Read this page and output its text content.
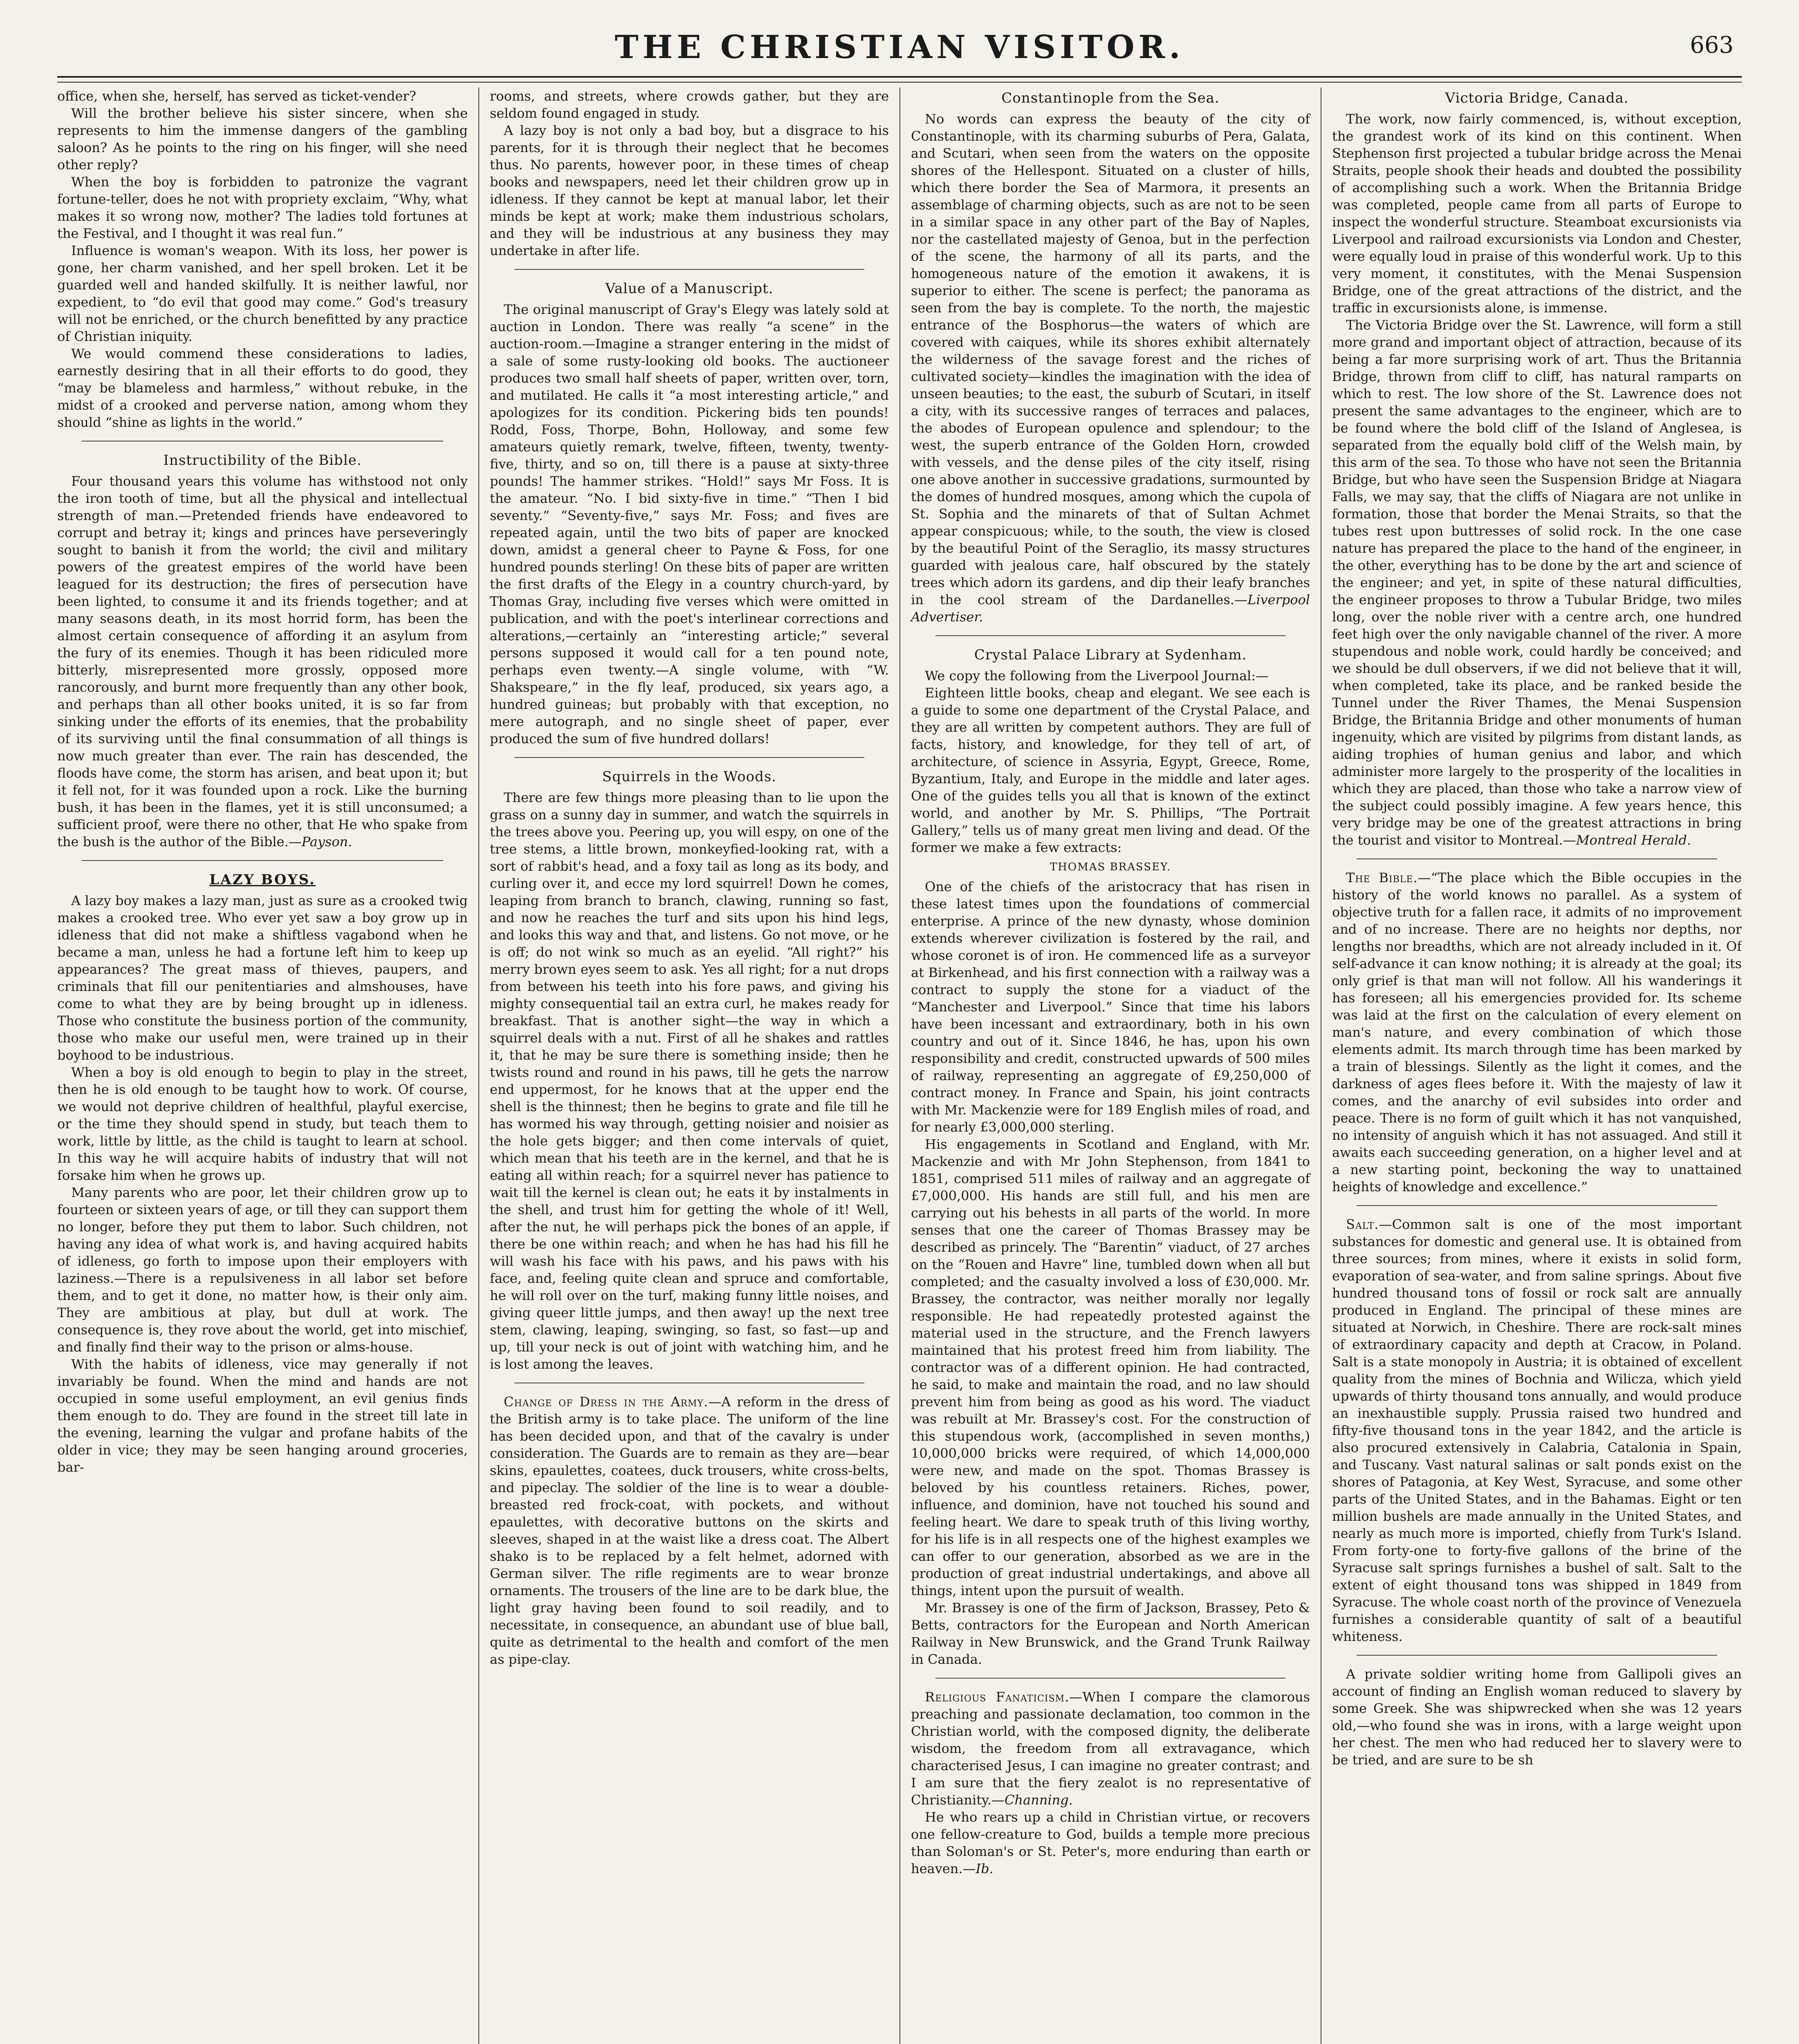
THE CHRISTIAN VISITOR.	663

office, when she, herself, has served as ticket-vender?

Will the brother believe his sister sincere, when she represents to him the immense dangers of the gambling saloon? As he points to the ring on his finger, will she need other reply?

When the boy is forbidden to patronize the vagrant fortune-teller, does he not with propriety exclaim, “Why, what makes it so wrong now, mother? The ladies told fortunes at the Festival, and I thought it was real fun.”

Influence is woman's weapon. With its loss, her power is gone, her charm vanished, and her spell broken. Let it be guarded well and handed skilfully. It is neither lawful, nor expedient, to “do evil that good may come.” God's treasury will not be enriched, or the church benefitted by any practice of Christian iniquity.

We would commend these considerations to ladies, earnestly desiring that in all their efforts to do good, they “may be blameless and harmless,” without rebuke, in the midst of a crooked and perverse nation, among whom they should “shine as lights in the world.”

Instructibility of the Bible.

Four thousand years this volume has withstood not only the iron tooth of time, but all the physical and intellectual strength of man.—Pretended friends have endeavored to corrupt and betray it; kings and princes have perseveringly sought to banish it from the world; the civil and military powers of the greatest empires of the world have been leagued for its destruction; the fires of persecution have been lighted, to consume it and its friends together; and at many seasons death, in its most horrid form, has been the almost certain consequence of affording it an asylum from the fury of its enemies. Though it has been ridiculed more bitterly, misrepresented more grossly, opposed more rancorously, and burnt more frequently than any other book, and perhaps than all other books united, it is so far from sinking under the efforts of its enemies, that the probability of its surviving until the final consummation of all things is now much greater than ever. The rain has descended, the floods have come, the storm has arisen, and beat upon it; but it fell not, for it was founded upon a rock. Like the burning bush, it has been in the flames, yet it is still unconsumed; a sufficient proof, were there no other, that He who spake from the bush is the author of the Bible.—Payson.

LAZY BOYS.

A lazy boy makes a lazy man, just as sure as a crooked twig makes a crooked tree. Who ever yet saw a boy grow up in idleness that did not make a shiftless vagabond when he became a man, unless he had a fortune left him to keep up appearances? The great mass of thieves, paupers, and criminals that fill our penitentiaries and almshouses, have come to what they are by being brought up in idleness. Those who constitute the business portion of the community, those who make our useful men, were trained up in their boyhood to be industrious.

When a boy is old enough to begin to play in the street, then he is old enough to be taught how to work. Of course, we would not deprive children of healthful, playful exercise, or the time they should spend in study, but teach them to work, little by little, as the child is taught to learn at school. In this way he will acquire habits of industry that will not forsake him when he grows up.

Many parents who are poor, let their children grow up to fourteen or sixteen years of age, or till they can support them no longer, before they put them to labor. Such children, not having any idea of what work is, and having acquired habits of idleness, go forth to impose upon their employers with laziness.—There is a repulsiveness in all labor set before them, and to get it done, no matter how, is their only aim. They are ambitious at play, but dull at work. The consequence is, they rove about the world, get into mischief, and finally find their way to the prison or alms-house.

With the habits of idleness, vice may generally if not invariably be found. When the mind and hands are not occupied in some useful employment, an evil genius finds them enough to do. They are found in the street till late in the evening, learning the vulgar and profane habits of the older in vice; they may be seen hanging around groceries, bar-

rooms, and streets, where crowds gather, but they are seldom found engaged in study.

A lazy boy is not only a bad boy, but a disgrace to his parents, for it is through their neglect that he becomes thus. No parents, however poor, in these times of cheap books and newspapers, need let their children grow up in idleness. If they cannot be kept at manual labor, let their minds be kept at work; make them industrious scholars, and they will be industrious at any business they may undertake in after life.

Value of a Manuscript.

The original manuscript of Gray's Elegy was lately sold at auction in London. There was really “a scene” in the auction-room.—Imagine a stranger entering in the midst of a sale of some rusty-looking old books. The auctioneer produces two small half sheets of paper, written over, torn, and mutilated. He calls it “a most interesting article,” and apologizes for its condition. Pickering bids ten pounds! Rodd, Foss, Thorpe, Bohn, Holloway, and some few amateurs quietly remark, twelve, fifteen, twenty, twenty-five, thirty, and so on, till there is a pause at sixty-three pounds! The hammer strikes. “Hold!” says Mr Foss. It is the amateur. “No. I bid sixty-five in time.” “Then I bid seventy.” “Seventy-five,” says Mr. Foss; and fives are repeated again, until the two bits of paper are knocked down, amidst a general cheer to Payne & Foss, for one hundred pounds sterling! On these bits of paper are written the first drafts of the Elegy in a country church-yard, by Thomas Gray, including five verses which were omitted in publication, and with the poet's interlinear corrections and alterations,—certainly an “interesting article;” several persons supposed it would call for a ten pound note, perhaps even twenty.—A single volume, with “W. Shakspeare,” in the fly leaf, produced, six years ago, a hundred guineas; but probably with that exception, no mere autograph, and no single sheet of paper, ever produced the sum of five hundred dollars!

Squirrels in the Woods.

There are few things more pleasing than to lie upon the grass on a sunny day in summer, and watch the squirrels in the trees above you. Peering up, you will espy, on one of the tree stems, a little brown, monkeyfied-looking rat, with a sort of rabbit's head, and a foxy tail as long as its body, and curling over it, and ecce my lord squirrel! Down he comes, leaping from branch to branch, clawing, running so fast, and now he reaches the turf and sits upon his hind legs, and looks this way and that, and listens. Go not move, or he is off; do not wink so much as an eyelid. “All right?” his merry brown eyes seem to ask. Yes all right; for a nut drops from between his teeth into his fore paws, and giving his mighty consequential tail an extra curl, he makes ready for breakfast. That is another sight—the way in which a squirrel deals with a nut. First of all he shakes and rattles it, that he may be sure there is something inside; then he twists round and round in his paws, till he gets the narrow end uppermost, for he knows that at the upper end the shell is the thinnest; then he begins to grate and file till he has wormed his way through, getting noisier and noisier as the hole gets bigger; and then come intervals of quiet, which mean that his teeth are in the kernel, and that he is eating all within reach; for a squirrel never has patience to wait till the kernel is clean out; he eats it by instalments in the shell, and trust him for getting the whole of it! Well, after the nut, he will perhaps pick the bones of an apple, if there be one within reach; and when he has had his fill he will wash his face with his paws, and his paws with his face, and, feeling quite clean and spruce and comfortable, he will roll over on the turf, making funny little noises, and giving queer little jumps, and then away! up the next tree stem, clawing, leaping, swinging, so fast, so fast—up and up, till your neck is out of joint with watching him, and he is lost among the leaves.

Change of Dress in the Army.—A reform in the dress of the British army is to take place. The uniform of the line has been decided upon, and that of the cavalry is under consideration. The Guards are to remain as they are—bear skins, epaulettes, coatees, duck trousers, white cross-belts, and pipeclay. The soldier of the line is to wear a double-breasted red frock-coat, with pockets, and without epaulettes, with decorative buttons on the skirts and sleeves, shaped in at the waist like a dress coat. The Albert shako is to be replaced by a felt helmet, adorned with German silver. The rifle regiments are to wear bronze ornaments. The trousers of the line are to be dark blue, the light gray having been found to soil readily, and to necessitate, in consequence, an abundant use of blue ball, quite as detrimental to the health and comfort of the men as pipe-clay.

Constantinople from the Sea.

No words can express the beauty of the city of Constantinople, with its charming suburbs of Pera, Galata, and Scutari, when seen from the waters on the opposite shores of the Hellespont. Situated on a cluster of hills, which there border the Sea of Marmora, it presents an assemblage of charming objects, such as are not to be seen in a similar space in any other part of the Bay of Naples, nor the castellated majesty of Genoa, but in the perfection of the scene, the harmony of all its parts, and the homogeneous nature of the emotion it awakens, it is superior to either. The scene is perfect; the panorama as seen from the bay is complete. To the north, the majestic entrance of the Bosphorus—the waters of which are covered with caiques, while its shores exhibit alternately the wilderness of the savage forest and the riches of cultivated society—kindles the imagination with the idea of unseen beauties; to the east, the suburb of Scutari, in itself a city, with its successive ranges of terraces and palaces, the abodes of European opulence and splendour; to the west, the superb entrance of the Golden Horn, crowded with vessels, and the dense piles of the city itself, rising one above another in successive gradations, surmounted by the domes of hundred mosques, among which the cupola of St. Sophia and the minarets of that of Sultan Achmet appear conspicuous; while, to the south, the view is closed by the beautiful Point of the Seraglio, its massy structures guarded with jealous care, half obscured by the stately trees which adorn its gardens, and dip their leafy branches in the cool stream of the Dardanelles.—Liverpool Advertiser.

Crystal Palace Library at Sydenham.

We copy the following from the Liverpool Journal:—

Eighteen little books, cheap and elegant. We see each is a guide to some one department of the Crystal Palace, and they are all written by competent authors. They are full of facts, history, and knowledge, for they tell of art, of architecture, of science in Assyria, Egypt, Greece, Rome, Byzantium, Italy, and Europe in the middle and later ages. One of the guides tells you all that is known of the extinct world, and another by Mr. S. Phillips, “The Portrait Gallery,” tells us of many great men living and dead. Of the former we make a few extracts:

THOMAS BRASSEY.

One of the chiefs of the aristocracy that has risen in these latest times upon the foundations of commercial enterprise. A prince of the new dynasty, whose dominion extends wherever civilization is fostered by the rail, and whose coronet is of iron. He commenced life as a surveyor at Birkenhead, and his first connection with a railway was a contract to supply the stone for a viaduct of the “Manchester and Liverpool.” Since that time his labors have been incessant and extraordinary, both in his own country and out of it. Since 1846, he has, upon his own responsibility and credit, constructed upwards of 500 miles of railway, representing an aggregate of £9,250,000 of contract money. In France and Spain, his joint contracts with Mr. Mackenzie were for 189 English miles of road, and for nearly £3,000,000 sterling.

His engagements in Scotland and England, with Mr. Mackenzie and with Mr John Stephenson, from 1841 to 1851, comprised 511 miles of railway and an aggregate of £7,000,000. His hands are still full, and his men are carrying out his behests in all parts of the world. In more senses that one the career of Thomas Brassey may be described as princely. The “Barentin” viaduct, of 27 arches on the “Rouen and Havre” line, tumbled down when all but completed; and the casualty involved a loss of £30,000. Mr. Brassey, the contractor, was neither morally nor legally responsible. He had repeatedly protested against the material used in the structure, and the French lawyers maintained that his protest freed him from liability. The contractor was of a different opinion. He had contracted, he said, to make and maintain the road, and no law should prevent him from being as good as his word. The viaduct was rebuilt at Mr. Brassey's cost. For the construction of this stupendous work, (accomplished in seven months,) 10,000,000 bricks were required, of which 14,000,000 were new, and made on the spot. Thomas Brassey is beloved by his countless retainers. Riches, power, influence, and dominion, have not touched his sound and feeling heart. We dare to speak truth of this living worthy, for his life is in all respects one of the highest examples we can offer to our generation, absorbed as we are in the production of great industrial undertakings, and above all things, intent upon the pursuit of wealth.

Mr. Brassey is one of the firm of Jackson, Brassey, Peto & Betts, contractors for the European and North American Railway in New Brunswick, and the Grand Trunk Railway in Canada.

Religious Fanaticism.—When I compare the clamorous preaching and passionate declamation, too common in the Christian world, with the composed dignity, the deliberate wisdom, the freedom from all extravagance, which characterised Jesus, I can imagine no greater contrast; and I am sure that the fiery zealot is no representative of Christianity.—Channing.

He who rears up a child in Christian virtue, or recovers one fellow-creature to God, builds a temple more precious than Soloman's or St. Peter's, more enduring than earth or heaven.—Ib.

Victoria Bridge, Canada.

The work, now fairly commenced, is, without exception, the grandest work of its kind on this continent. When Stephenson first projected a tubular bridge across the Menai Straits, people shook their heads and doubted the possibility of accomplishing such a work. When the Britannia Bridge was completed, people came from all parts of Europe to inspect the wonderful structure. Steamboat excursionists via Liverpool and railroad excursionists via London and Chester, were equally loud in praise of this wonderful work. Up to this very moment, it constitutes, with the Menai Suspension Bridge, one of the great attractions of the district, and the traffic in excursionists alone, is immense.

The Victoria Bridge over the St. Lawrence, will form a still more grand and important object of attraction, because of its being a far more surprising work of art. Thus the Britannia Bridge, thrown from cliff to cliff, has natural ramparts on which to rest. The low shore of the St. Lawrence does not present the same advantages to the engineer, which are to be found where the bold cliff of the Island of Anglesea, is separated from the equally bold cliff of the Welsh main, by this arm of the sea. To those who have not seen the Britannia Bridge, but who have seen the Suspension Bridge at Niagara Falls, we may say, that the cliffs of Niagara are not unlike in formation, those that border the Menai Straits, so that the tubes rest upon buttresses of solid rock. In the one case nature has prepared the place to the hand of the engineer, in the other, everything has to be done by the art and science of the engineer; and yet, in spite of these natural difficulties, the engineer proposes to throw a Tubular Bridge, two miles long, over the noble river with a centre arch, one hundred feet high over the only navigable channel of the river. A more stupendous and noble work, could hardly be conceived; and we should be dull observers, if we did not believe that it will, when completed, take its place, and be ranked beside the Tunnel under the River Thames, the Menai Suspension Bridge, the Britannia Bridge and other monuments of human ingenuity, which are visited by pilgrims from distant lands, as aiding trophies of human genius and labor, and which administer more largely to the prosperity of the localities in which they are placed, than those who take a narrow view of the subject could possibly imagine. A few years hence, this very bridge may be one of the greatest attractions in bring the tourist and visitor to Montreal.—Montreal Herald.

The Bible.—“The place which the Bible occupies in the history of the world knows no parallel. As a system of objective truth for a fallen race, it admits of no improvement and of no increase. There are no heights nor depths, nor lengths nor breadths, which are not already included in it. Of self-advance it can know nothing; it is already at the goal; its only grief is that man will not follow. All his wanderings it has foreseen; all his emergencies provided for. Its scheme was laid at the first on the calculation of every element on man's nature, and every combination of which those elements admit. Its march through time has been marked by a train of blessings. Silently as the light it comes, and the darkness of ages flees before it. With the majesty of law it comes, and the anarchy of evil subsides into order and peace. There is no form of guilt which it has not vanquished, no intensity of anguish which it has not assuaged. And still it awaits each succeeding generation, on a higher level and at a new starting point, beckoning the way to unattained heights of knowledge and excellence.”

Salt.—Common salt is one of the most important substances for domestic and general use. It is obtained from three sources; from mines, where it exists in solid form, evaporation of sea-water, and from saline springs. About five hundred thousand tons of fossil or rock salt are annually produced in England. The principal of these mines are situated at Norwich, in Cheshire. There are rock-salt mines of extraordinary capacity and depth at Cracow, in Poland. Salt is a state monopoly in Austria; it is obtained of excellent quality from the mines of Bochnia and Wilicza, which yield upwards of thirty thousand tons annually, and would produce an inexhaustible supply. Prussia raised two hundred and fifty-five thousand tons in the year 1842, and the article is also procured extensively in Calabria, Catalonia in Spain, and Tuscany. Vast natural salinas or salt ponds exist on the shores of Patagonia, at Key West, Syracuse, and some other parts of the United States, and in the Bahamas. Eight or ten million bushels are made annually in the United States, and nearly as much more is imported, chiefly from Turk's Island. From forty-one to forty-five gallons of the brine of the Syracuse salt springs furnishes a bushel of salt. Salt to the extent of eight thousand tons was shipped in 1849 from Syracuse. The whole coast north of the province of Venezuela furnishes a considerable quantity of salt of a beautiful whiteness.

A private soldier writing home from Gallipoli gives an account of finding an English woman reduced to slavery by some Greek. She was shipwrecked when she was 12 years old,—who found she was in irons, with a large weight upon her chest. The men who had reduced her to slavery were to be tried, and are sure to be sh
